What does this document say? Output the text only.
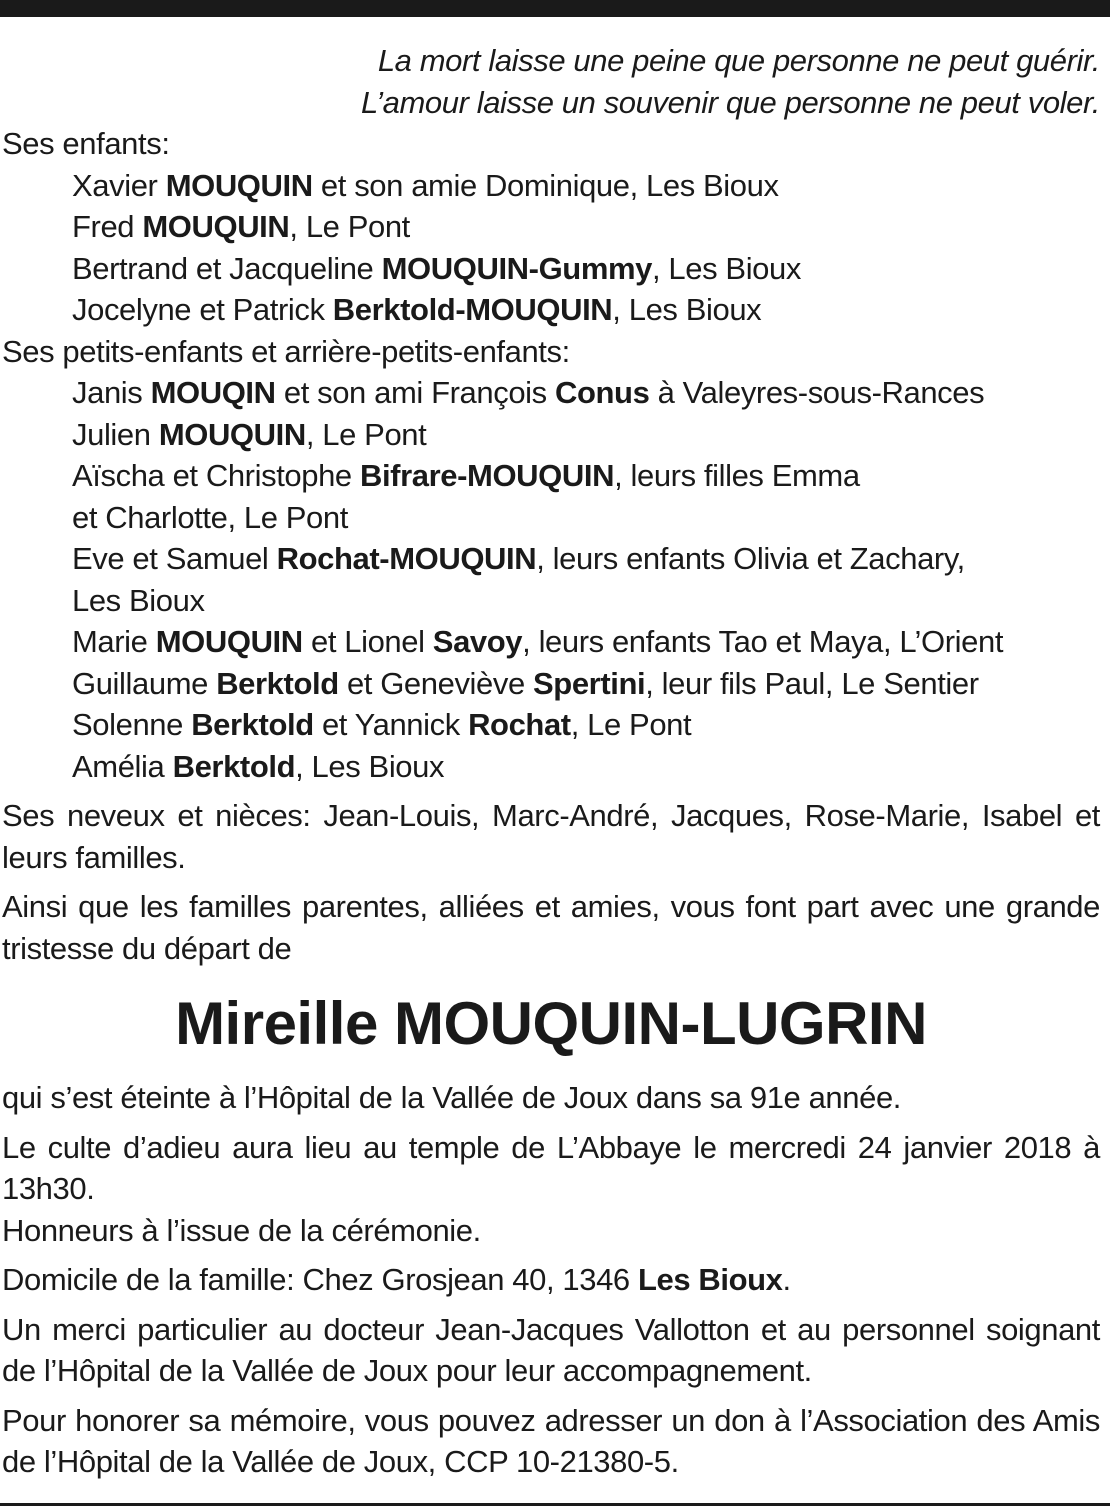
La mort laisse une peine que personne ne peut guérir.
L’amour laisse un souvenir que personne ne peut voler.
Ses enfants:
Xavier MOUQUIN et son amie Dominique, Les Bioux
Fred MOUQUIN, Le Pont
Bertrand et Jacqueline MOUQUIN-Gummy, Les Bioux
Jocelyne et Patrick Berktold-MOUQUIN, Les Bioux
Ses petits-enfants et arrière-petits-enfants:
Janis MOUQIN et son ami François Conus à Valeyres-sous-Rances
Julien MOUQUIN, Le Pont
Aïscha et Christophe Bifrare-MOUQUIN, leurs filles Emma
et Charlotte, Le Pont
Eve et Samuel Rochat-MOUQUIN, leurs enfants Olivia et Zachary,
Les Bioux
Marie MOUQUIN et Lionel Savoy, leurs enfants Tao et Maya, L’Orient
Guillaume Berktold et Geneviève Spertini, leur fils Paul, Le Sentier
Solenne Berktold et Yannick Rochat, Le Pont
Amélia Berktold, Les Bioux
Ses neveux et nièces: Jean-Louis, Marc-André, Jacques, Rose-Marie, Isabel et leurs familles.
Ainsi que les familles parentes, alliées et amies, vous font part avec une grande tristesse du départ de
Mireille MOUQUIN-LUGRIN
qui s’est éteinte à l’Hôpital de la Vallée de Joux dans sa 91e année.
Le culte d’adieu aura lieu au temple de L’Abbaye le mercredi 24 janvier 2018 à 13h30.
Honneurs à l’issue de la cérémonie.
Domicile de la famille: Chez Grosjean 40, 1346 Les Bioux.
Un merci particulier au docteur Jean-Jacques Vallotton et au personnel soignant de l’Hôpital de la Vallée de Joux pour leur accompagnement.
Pour honorer sa mémoire, vous pouvez adresser un don à l’Association des Amis de l’Hôpital de la Vallée de Joux, CCP 10-21380-5.
